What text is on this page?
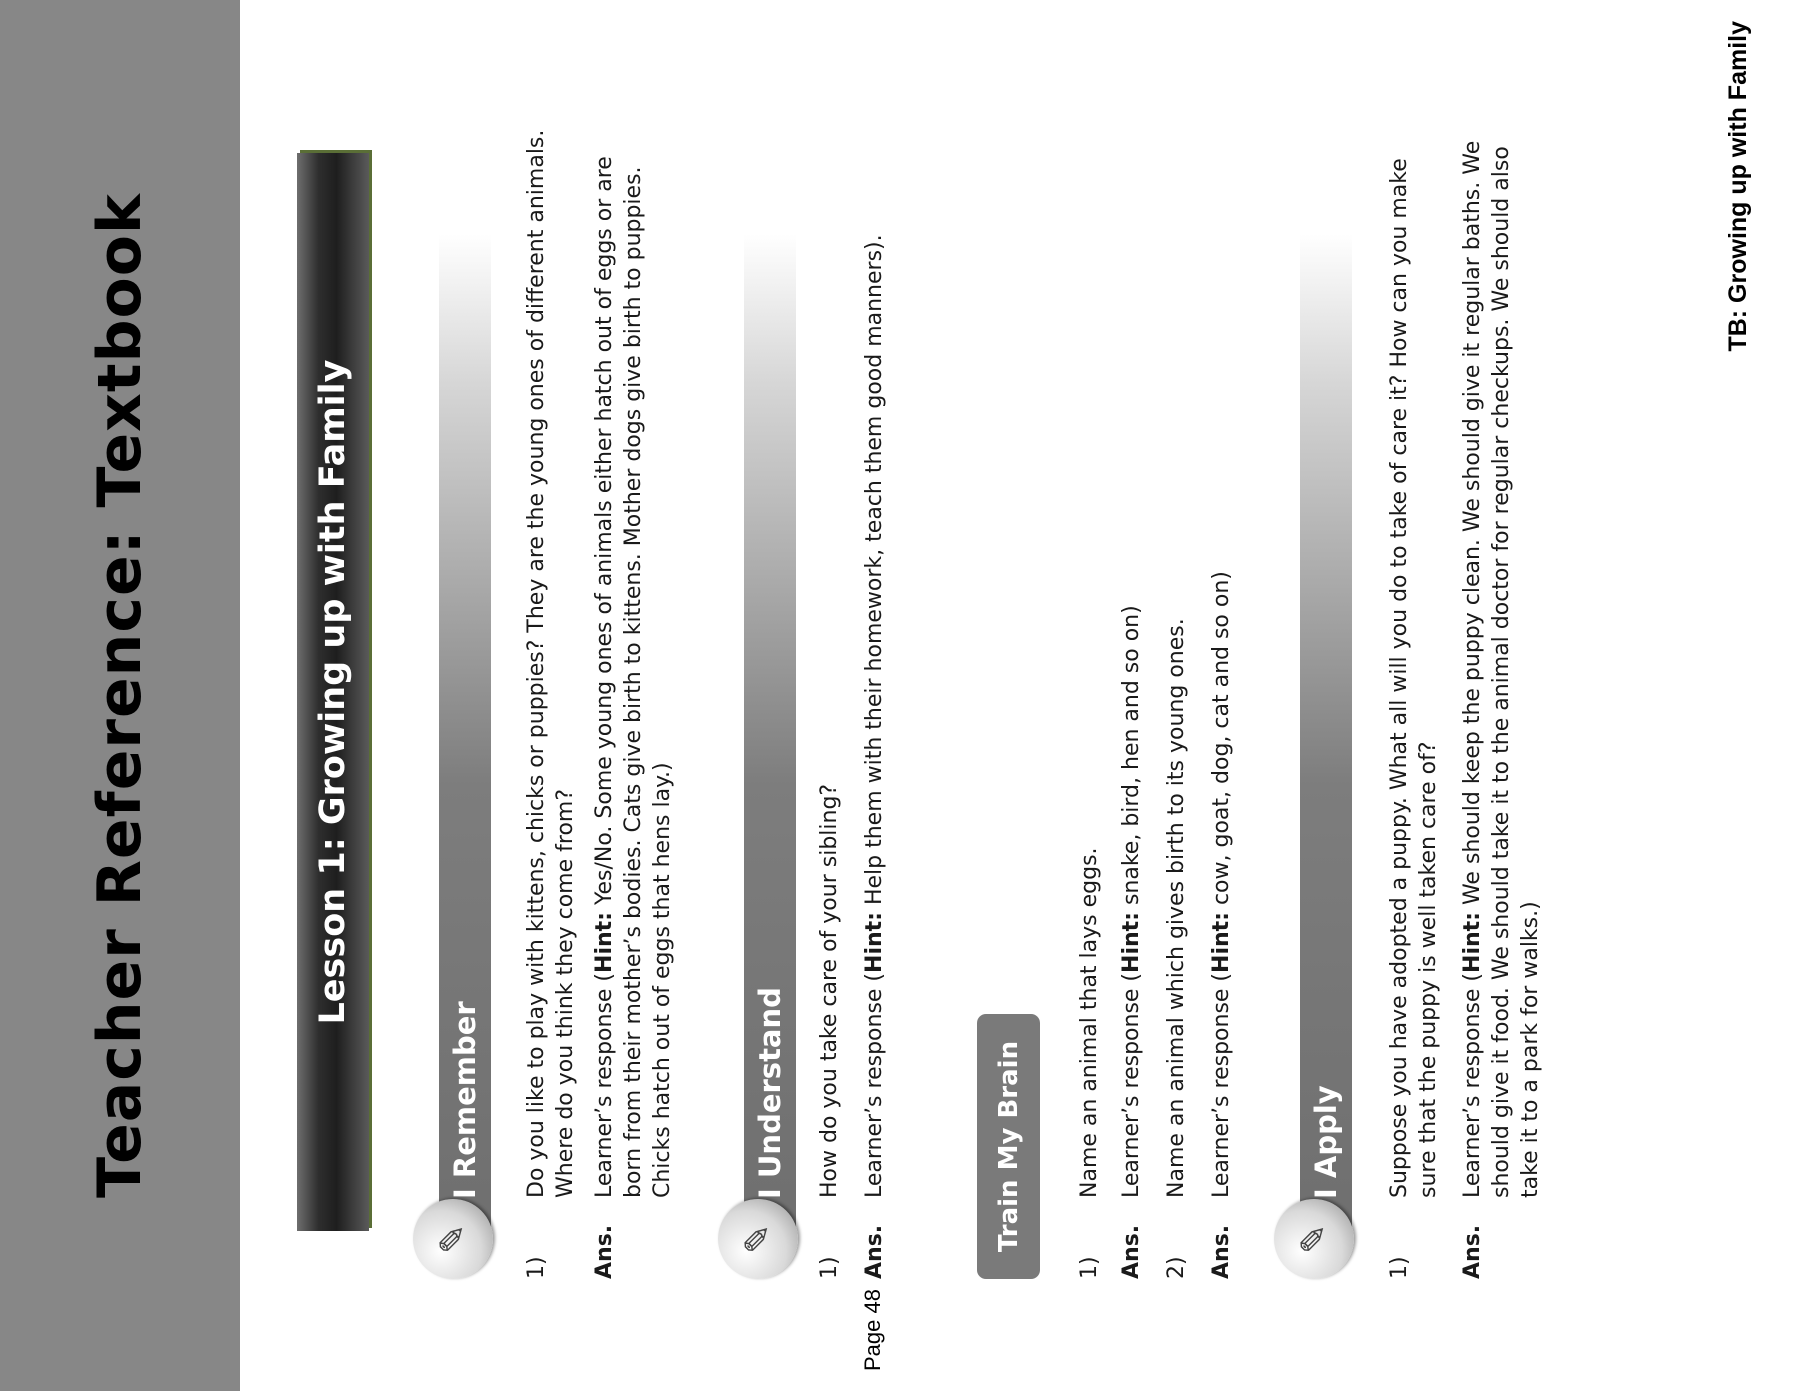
Teacher Reference: Textbook	Lesson 1: Growing up with Family
I Remember
✎
1)
Do you like to play with kittens, chicks or puppies? They are the young ones of different animals. Where do you think they come from?
Ans.
Learner’s response (Hint: Yes/No. Some young ones of animals either hatch out of eggs or are born from their mother’s bodies. Cats give birth to kittens. Mother dogs give birth to puppies. Chicks hatch out of eggs that hens lay.)	I Understand
✎
1)
How do you take care of your sibling?
Ans.
Learner’s response (Hint: Help them with their homework, teach them good manners).
Train My Brain
1)
Name an animal that lays eggs.
Ans.
Learner’s response (Hint: snake, bird, hen and so on)
2)
Name an animal which gives birth to its young ones.
Ans.
Learner’s response (Hint: cow, goat, dog, cat and so on)
I Apply
✎
1)
Suppose you have adopted a puppy. What all will you do to take of care it? How can you make sure that the puppy is well taken care of?
Ans.
Learner’s response (Hint: We should keep the puppy clean. We should give it regular baths. We should give it food. We should take it to the animal doctor for regular checkups. We should also take it to a park for walks.)
Page 48
TB: Growing up with Family
